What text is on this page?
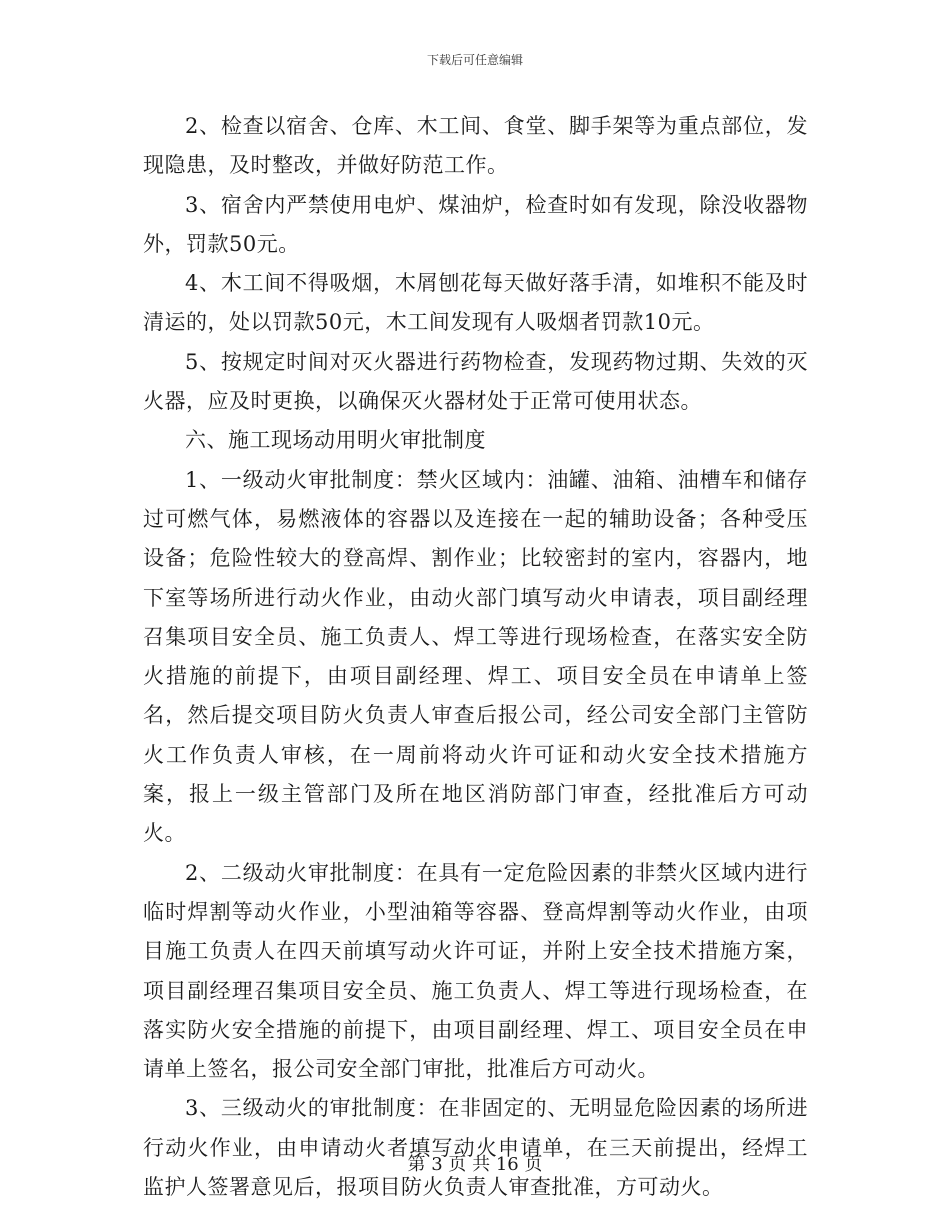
下载后可任意编辑

2、检查以宿舍、仓库、木工间、食堂、脚手架等为重点部位，发现隐患，及时整改，并做好防范工作。

3、宿舍内严禁使用电炉、煤油炉，检查时如有发现，除没收器物外，罚款50元。

4、木工间不得吸烟，木屑刨花每天做好落手清，如堆积不能及时清运的，处以罚款50元，木工间发现有人吸烟者罚款10元。

5、按规定时间对灭火器进行药物检查，发现药物过期、失效的灭火器，应及时更换，以确保灭火器材处于正常可使用状态。

六、施工现场动用明火审批制度

1、一级动火审批制度：禁火区域内：油罐、油箱、油槽车和储存过可燃气体，易燃液体的容器以及连接在一起的辅助设备；各种受压设备；危险性较大的登高焊、割作业；比较密封的室内，容器内，地下室等场所进行动火作业，由动火部门填写动火申请表，项目副经理召集项目安全员、施工负责人、焊工等进行现场检查，在落实安全防火措施的前提下，由项目副经理、焊工、项目安全员在申请单上签名，然后提交项目防火负责人审查后报公司，经公司安全部门主管防火工作负责人审核，在一周前将动火许可证和动火安全技术措施方案，报上一级主管部门及所在地区消防部门审查，经批准后方可动火。

2、二级动火审批制度：在具有一定危险因素的非禁火区域内进行临时焊割等动火作业，小型油箱等容器、登高焊割等动火作业，由项目施工负责人在四天前填写动火许可证，并附上安全技术措施方案，项目副经理召集项目安全员、施工负责人、焊工等进行现场检查，在落实防火安全措施的前提下，由项目副经理、焊工、项目安全员在申请单上签名，报公司安全部门审批，批准后方可动火。

3、三级动火的审批制度：在非固定的、无明显危险因素的场所进行动火作业，由申请动火者填写动火申请单，在三天前提出，经焊工监护人签署意见后，报项目防火负责人审查批准，方可动火。

第 3 页 共 16 页
